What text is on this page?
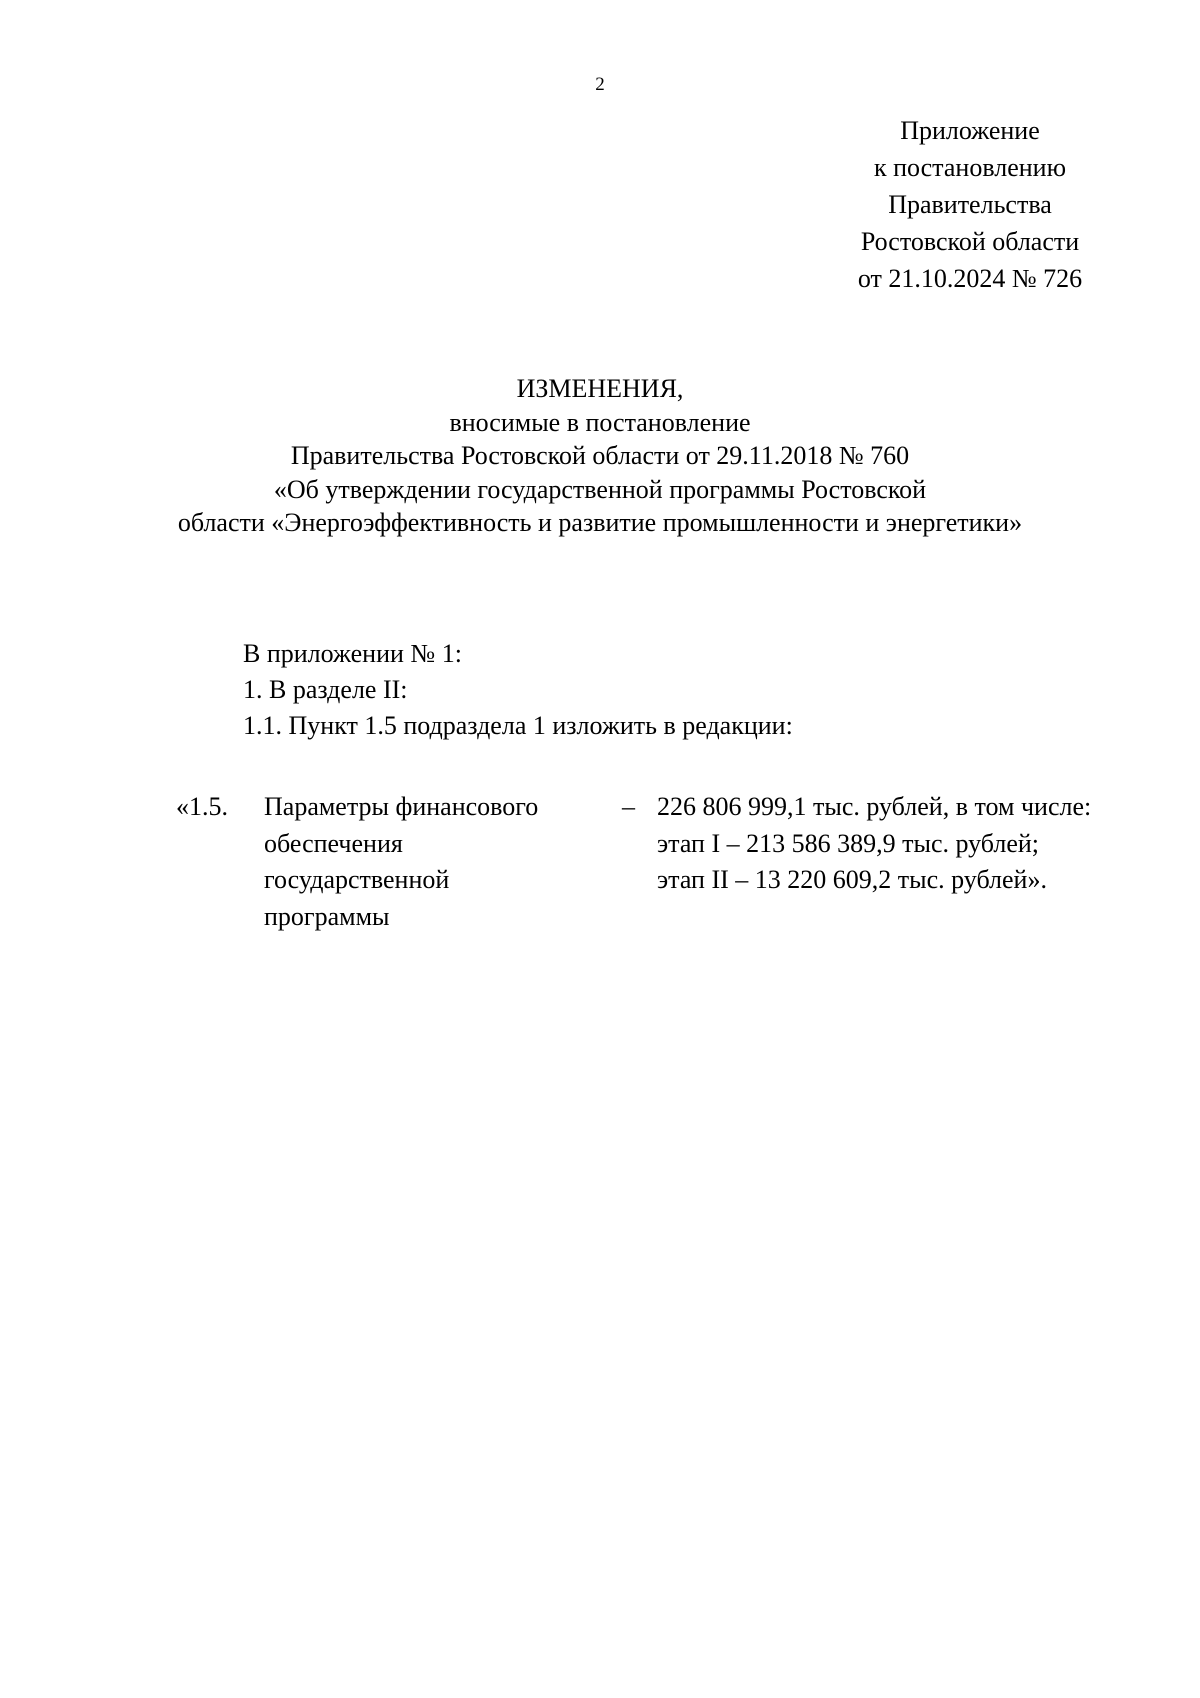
2
Приложение
к постановлению
Правительства
Ростовской области
от 21.10.2024 № 726
ИЗМЕНЕНИЯ,
вносимые в постановление
Правительства Ростовской области от 29.11.2018 № 760
«Об утверждении государственной программы Ростовской
области «Энергоэффективность и развитие промышленности и энергетики»
В приложении № 1:
1. В разделе II:
1.1. Пункт 1.5 подраздела 1 изложить в редакции:
«1.5. Параметры финансового
обеспечения
государственной
программы
– 226 806 999,1 тыс. рублей, в том числе:
этап I – 213 586 389,9 тыс. рублей;
этап II – 13 220 609,2 тыс. рублей».
